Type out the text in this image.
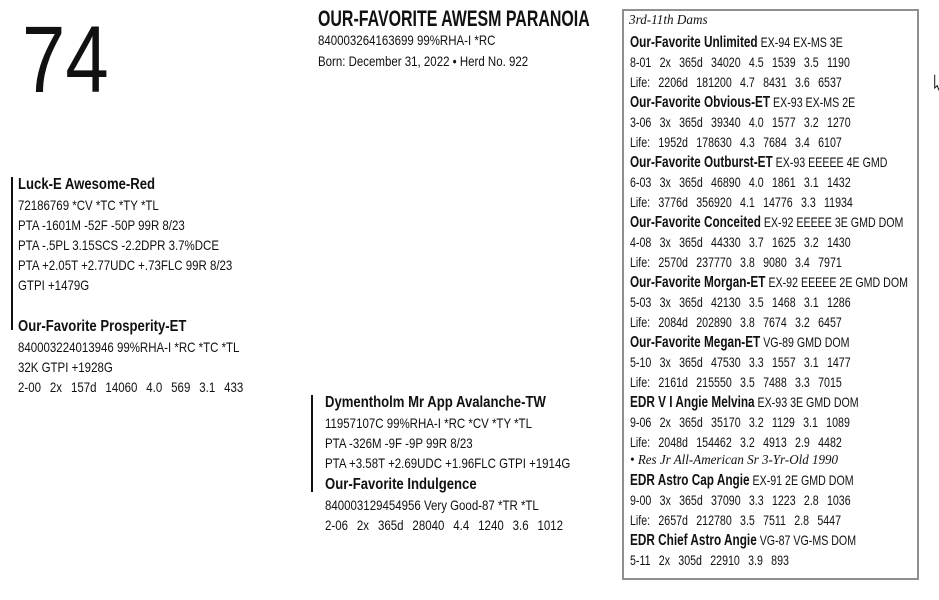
74	OUR-FAVORITE AWESM PARANOIA
840003264163699 99%RHA-I *RC
Born: December 31, 2022 • Herd No. 922
Luck-E Awesome-Red
72186769 *CV *TC *TY *TL
PTA -1601M -52F -50P 99R 8/23
PTA -.5PL 3.15SCS -2.2DPR 3.7%DCE
PTA +2.05T +2.77UDC +.73FLC 99R 8/23
GTPI +1479G
Our-Favorite Prosperity-ET
840003224013946 99%RHA-I *RC *TC *TL
32K GTPI +1928G
2-00 2x 157d 14060 4.0 569 3.1 433
Dymentholm Mr App Avalanche-TW
11957107C 99%RHA-I *RC *CV *TY *TL
PTA -326M -9F -9P 99R 8/23
PTA +3.58T +2.69UDC +1.96FLC GTPI +1914G
Our-Favorite Indulgence
840003129454956 Very Good-87 *TR *TL
2-06 2x 365d 28040 4.4 1240 3.6 1012
3rd-11th Dams
Our-Favorite Unlimited EX-94 EX-MS 3E
8-01 2x 365d 34020 4.5 1539 3.5 1190
Life: 2206d 181200 4.7 8431 3.6 6537
Our-Favorite Obvious-ET EX-93 EX-MS 2E
3-06 3x 365d 39340 4.0 1577 3.2 1270
Life: 1952d 178630 4.3 7684 3.4 6107
Our-Favorite Outburst-ET EX-93 EEEEE 4E GMD
6-03 3x 365d 46890 4.0 1861 3.1 1432
Life: 3776d 356920 4.1 14776 3.3 11934
Our-Favorite Conceited EX-92 EEEEE 3E GMD DOM
4-08 3x 365d 44330 3.7 1625 3.2 1430
Life: 2570d 237770 3.8 9080 3.4 7971
Our-Favorite Morgan-ET EX-92 EEEEE 2E GMD DOM
5-03 3x 365d 42130 3.5 1468 3.1 1286
Life: 2084d 202890 3.8 7674 3.2 6457
Our-Favorite Megan-ET VG-89 GMD DOM
5-10 3x 365d 47530 3.3 1557 3.1 1477
Life: 2161d 215550 3.5 7488 3.3 7015
EDR V I Angie Melvina EX-93 3E GMD DOM
9-06 2x 365d 35170 3.2 1129 3.1 1089
Life: 2048d 154462 3.2 4913 2.9 4482
• Res Jr All-American Sr 3-Yr-Old 1990
EDR Astro Cap Angie EX-91 2E GMD DOM
9-00 3x 365d 37090 3.3 1223 2.8 1036
Life: 2657d 212780 3.5 7511 2.8 5447
EDR Chief Astro Angie VG-87 VG-MS DOM
5-11 2x 305d 22910 3.9 893
